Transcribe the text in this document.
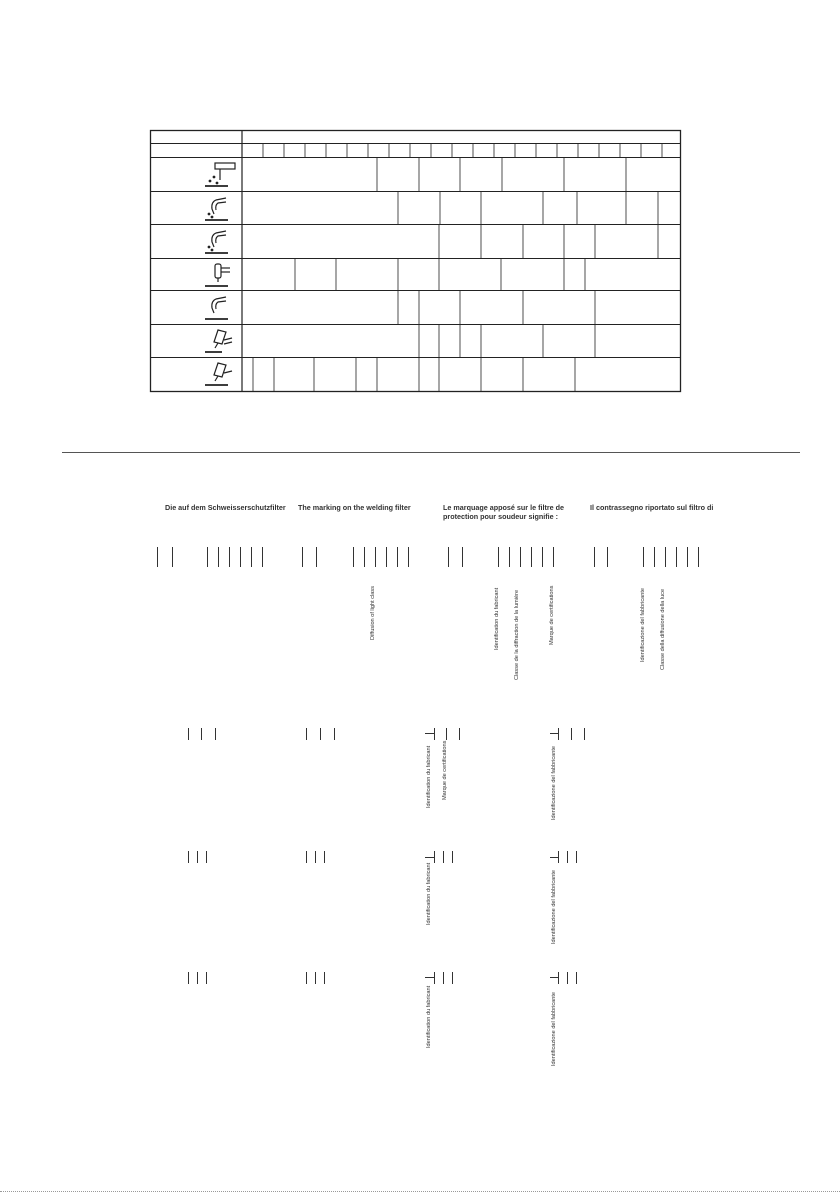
Die auf dem Schweisserschutzfilter The marking on the welding filter	Le marquage apposé sur le filtre de protection pour soudeur signifie :
Il contrassegno riportato sul filtro di
Diffusion of light class	Identification du fabricant	Classe de la diffraction de la lumière	Marque de certifications	Identificazione del fabbricante	Classe della diffusione della luce
Identification du fabricant Marque de certifications	Identificazione del fabbricante
Identification du fabricant	Identificazione del fabbricante
Identification du fabricant	Identificazione del fabbricante
